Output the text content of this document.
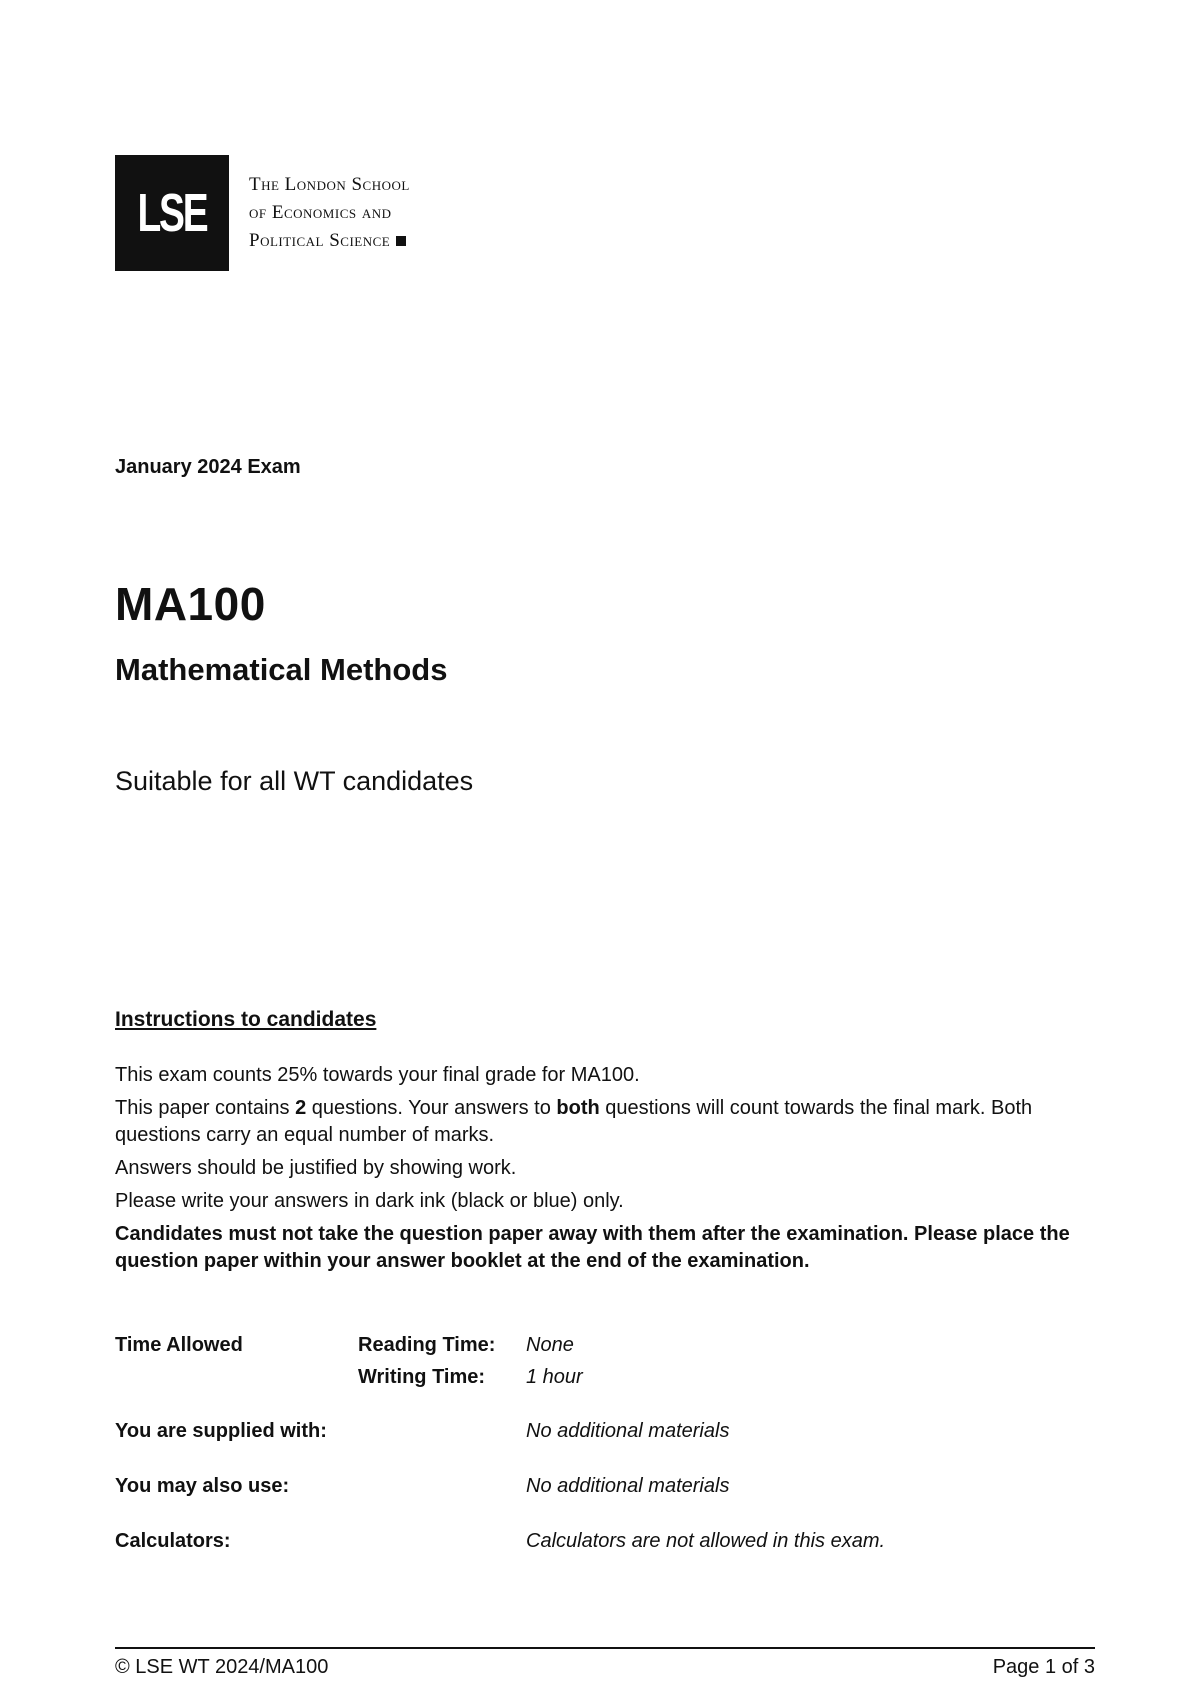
LSE The London School
of Economics and
Political Science
January 2024 Exam
MA100
Mathematical Methods
Suitable for all WT candidates
Instructions to candidates
This exam counts 25% towards your final grade for MA100.
This paper contains 2 questions. Your answers to both questions will count towards the final mark. Both questions carry an equal number of marks.
Answers should be justified by showing work.
Please write your answers in dark ink (black or blue) only.
Candidates must not take the question paper away with them after the examination. Please place the question paper within your answer booklet at the end of the examination.
Time Allowed	Reading Time: None
Writing Time: 1 hour
You are supplied with:	No additional materials
You may also use:	No additional materials
Calculators:	Calculators are not allowed in this exam.
© LSE WT 2024/MA100	Page 1 of 3
